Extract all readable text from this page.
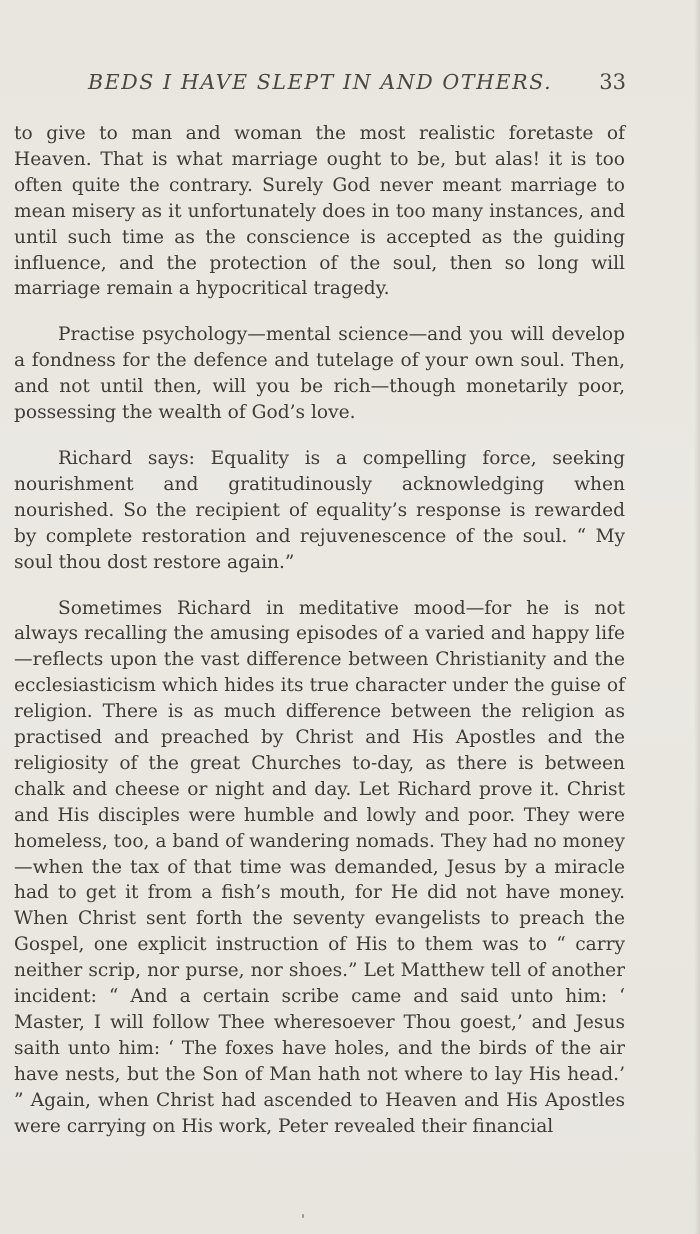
BEDS I HAVE SLEPT IN AND OTHERS. 33

to give to man and woman the most realistic foretaste of Heaven. That is what marriage ought to be, but alas! it is too often quite the contrary. Surely God never meant marriage to mean misery as it unfortunately does in too many instances, and until such time as the conscience is accepted as the guiding influence, and the protection of the soul, then so long will marriage remain a hypocritical tragedy.

Practise psychology—mental science—and you will develop a fondness for the defence and tutelage of your own soul. Then, and not until then, will you be rich—though monetarily poor, possessing the wealth of God’s love.

Richard says: Equality is a compelling force, seeking nourishment and gratitudinously acknowledging when nourished. So the recipient of equality’s response is rewarded by complete restoration and rejuvenescence of the soul. “ My soul thou dost restore again.”

Sometimes Richard in meditative mood—for he is not always recalling the amusing episodes of a varied and happy life—reflects upon the vast difference between Christianity and the ecclesiasticism which hides its true character under the guise of religion. There is as much difference between the religion as practised and preached by Christ and His Apostles and the religiosity of the great Churches to-day, as there is between chalk and cheese or night and day. Let Richard prove it. Christ and His disciples were humble and lowly and poor. They were homeless, too, a band of wandering nomads. They had no money—when the tax of that time was demanded, Jesus by a miracle had to get it from a fish’s mouth, for He did not have money. When Christ sent forth the seventy evangelists to preach the Gospel, one explicit instruction of His to them was to “ carry neither scrip, nor purse, nor shoes.” Let Matthew tell of another incident: “ And a certain scribe came and said unto him: ‘ Master, I will follow Thee wheresoever Thou goest,’ and Jesus saith unto him: ‘ The foxes have holes, and the birds of the air have nests, but the Son of Man hath not where to lay His head.’ ” Again, when Christ had ascended to Heaven and His Apostles were carrying on His work, Peter revealed their financial
